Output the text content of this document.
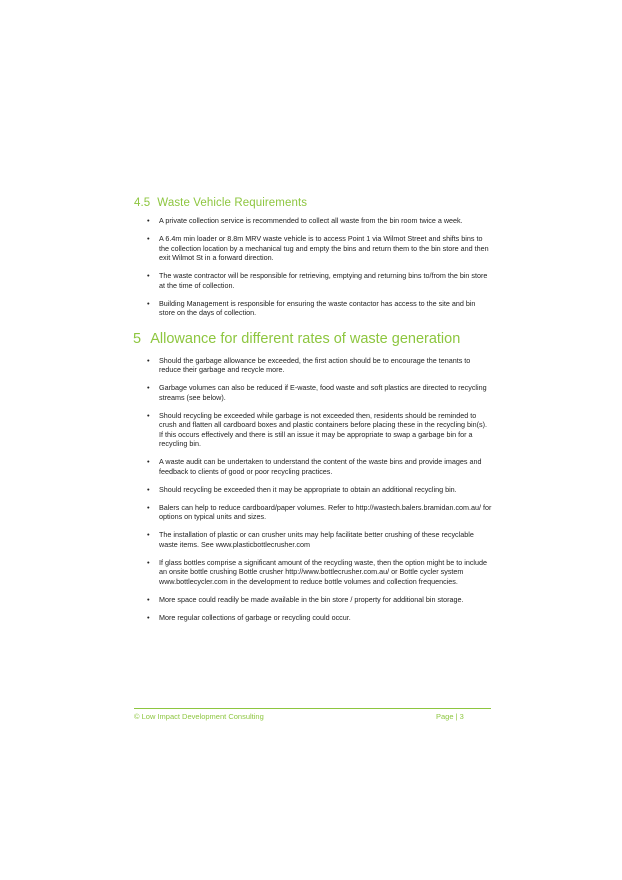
4.5 Waste Vehicle Requirements
• A private collection service is recommended to collect all waste from the bin room twice a week.
• A 6.4m min loader or 8.8m MRV waste vehicle is to access Point 1 via Wilmot Street and shifts bins to the collection location by a mechanical tug and empty the bins and return them to the bin store and then exit Wilmot St in a forward direction.
• The waste contractor will be responsible for retrieving, emptying and returning bins to/from the bin store at the time of collection.
• Building Management is responsible for ensuring the waste contactor has access to the site and bin store on the days of collection.
5 Allowance for different rates of waste generation
• Should the garbage allowance be exceeded, the first action should be to encourage the tenants to reduce their garbage and recycle more.
• Garbage volumes can also be reduced if E-waste, food waste and soft plastics are directed to recycling streams (see below).
• Should recycling be exceeded while garbage is not exceeded then, residents should be reminded to crush and flatten all cardboard boxes and plastic containers before placing these in the recycling bin(s). If this occurs effectively and there is still an issue it may be appropriate to swap a garbage bin for a recycling bin.
• A waste audit can be undertaken to understand the content of the waste bins and provide images and feedback to clients of good or poor recycling practices.
• Should recycling be exceeded then it may be appropriate to obtain an additional recycling bin.
• Balers can help to reduce cardboard/paper volumes. Refer to http://wastech.balers.bramidan.com.au/ for options on typical units and sizes.
• The installation of plastic or can crusher units may help facilitate better crushing of these recyclable waste items. See www.plasticbottlecrusher.com
• If glass bottles comprise a significant amount of the recycling waste, then the option might be to include an onsite bottle crushing Bottle crusher http://www.bottlecrusher.com.au/ or Bottle cycler system www.bottlecycler.com in the development to reduce bottle volumes and collection frequencies.
• More space could readily be made available in the bin store / property for additional bin storage.
• More regular collections of garbage or recycling could occur.
© Low Impact Development Consulting	Page | 3
